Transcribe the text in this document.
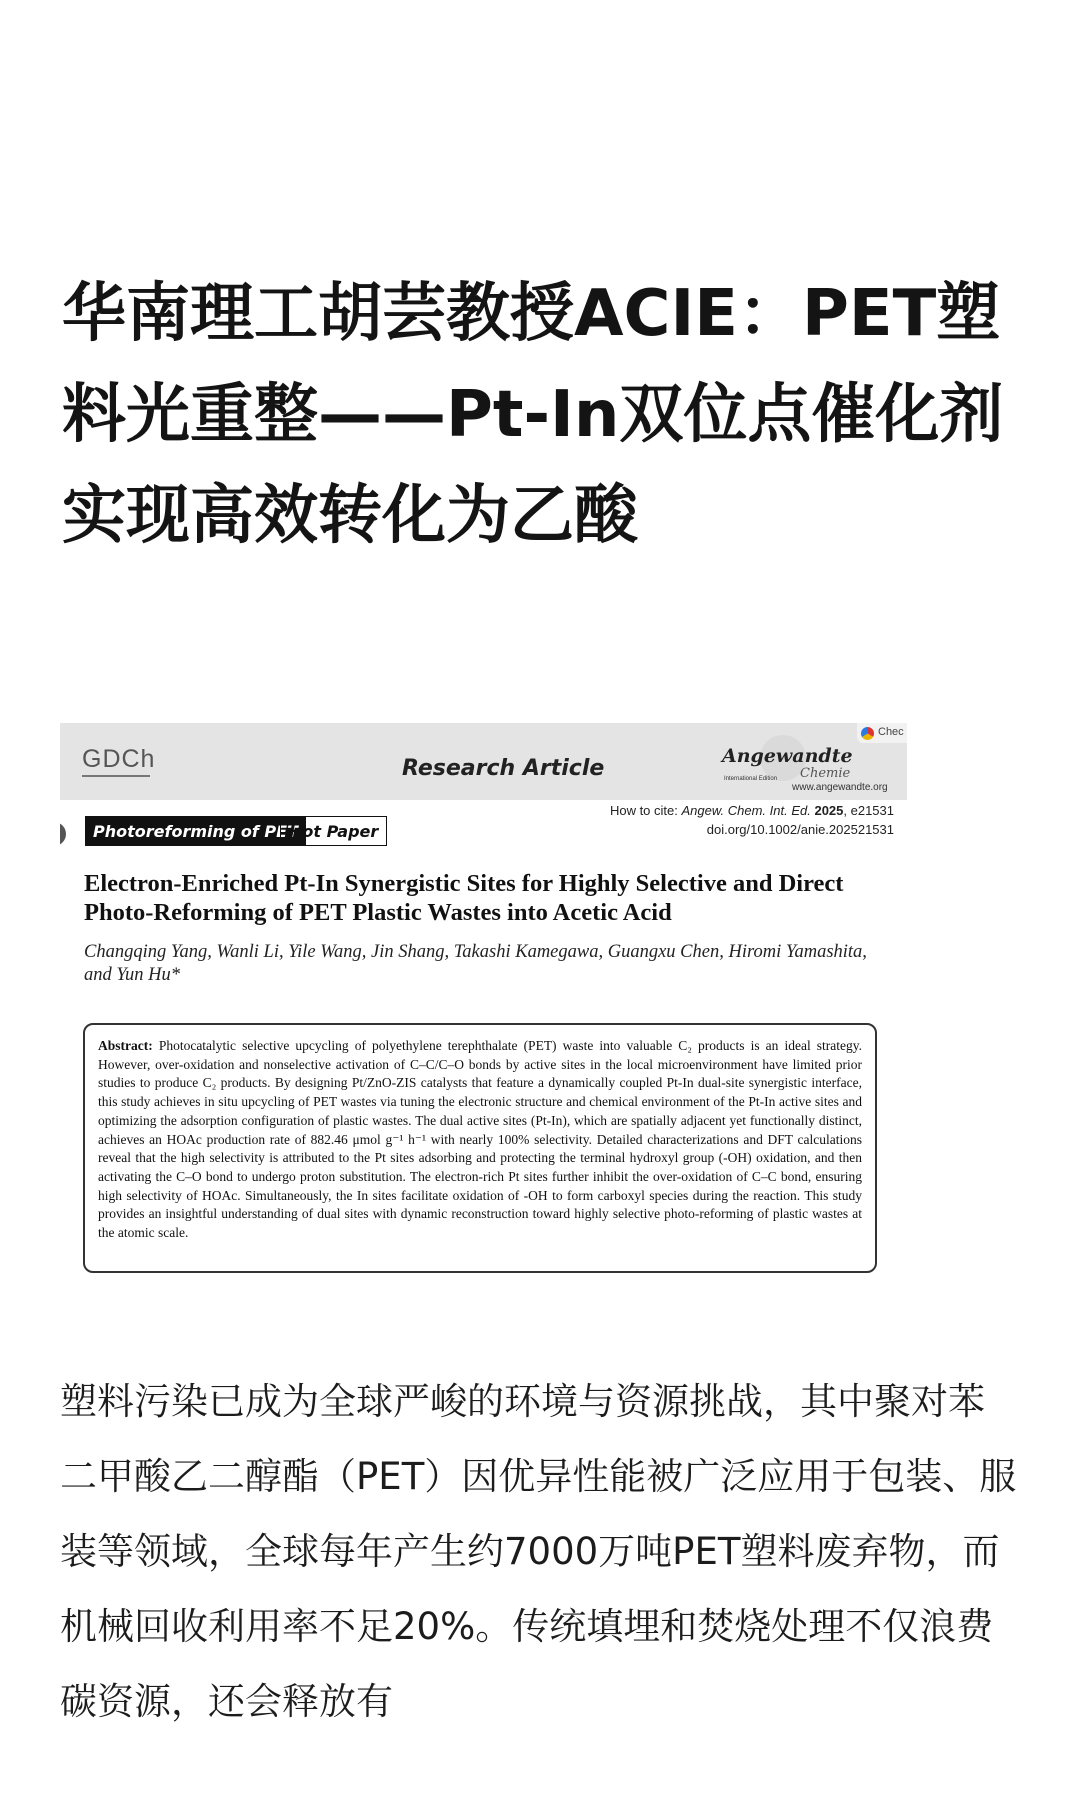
华南理工胡芸教授ACIE：PET塑料光重整——Pt-In双位点催化剂实现高效转化为乙酸
GDCh	Research Article	Angewandte
Chemie
International Edition
www.angewandte.org
Chec
How to cite: Angew. Chem. Int. Ed. 2025, e21531
doi.org/10.1002/anie.202521531
Photoreforming of PET
Hot Paper
Electron-Enriched Pt-In Synergistic Sites for Highly Selective and Direct Photo-Reforming of PET Plastic Wastes into Acetic Acid
Changqing Yang, Wanli Li, Yile Wang, Jin Shang, Takashi Kamegawa, Guangxu Chen, Hiromi Yamashita, and Yun Hu*
Abstract: Photocatalytic selective upcycling of polyethylene terephthalate (PET) waste into valuable C₂ products is an ideal strategy. However, over-oxidation and nonselective activation of C–C/C–O bonds by active sites in the local microenvironment have limited prior studies to produce C₂ products. By designing Pt/ZnO-ZIS catalysts that feature a dynamically coupled Pt-In dual-site synergistic interface, this study achieves in situ upcycling of PET wastes via tuning the electronic structure and chemical environment of the Pt-In active sites and optimizing the adsorption configuration of plastic wastes. The dual active sites (Pt-In), which are spatially adjacent yet functionally distinct, achieves an HOAc production rate of 882.46 μmol g⁻¹ h⁻¹ with nearly 100% selectivity. Detailed characterizations and DFT calculations reveal that the high selectivity is attributed to the Pt sites adsorbing and protecting the terminal hydroxyl group (-OH) oxidation, and then activating the C–O bond to undergo proton substitution. The electron-rich Pt sites further inhibit the over-oxidation of C–C bond, ensuring high selectivity of HOAc. Simultaneously, the In sites facilitate oxidation of -OH to form carboxyl species during the reaction. This study provides an insightful understanding of dual sites with dynamic reconstruction toward highly selective photo-reforming of plastic wastes at the atomic scale.

塑料污染已成为全球严峻的环境与资源挑战，其中聚对苯二甲酸乙二醇酯（PET）因优异性能被广泛应用于包装、服装等领域，全球每年产生约7000万吨PET塑料废弃物，而机械回收利用率不足20%。传统填埋和焚烧处理不仅浪费碳资源，还会释放有
